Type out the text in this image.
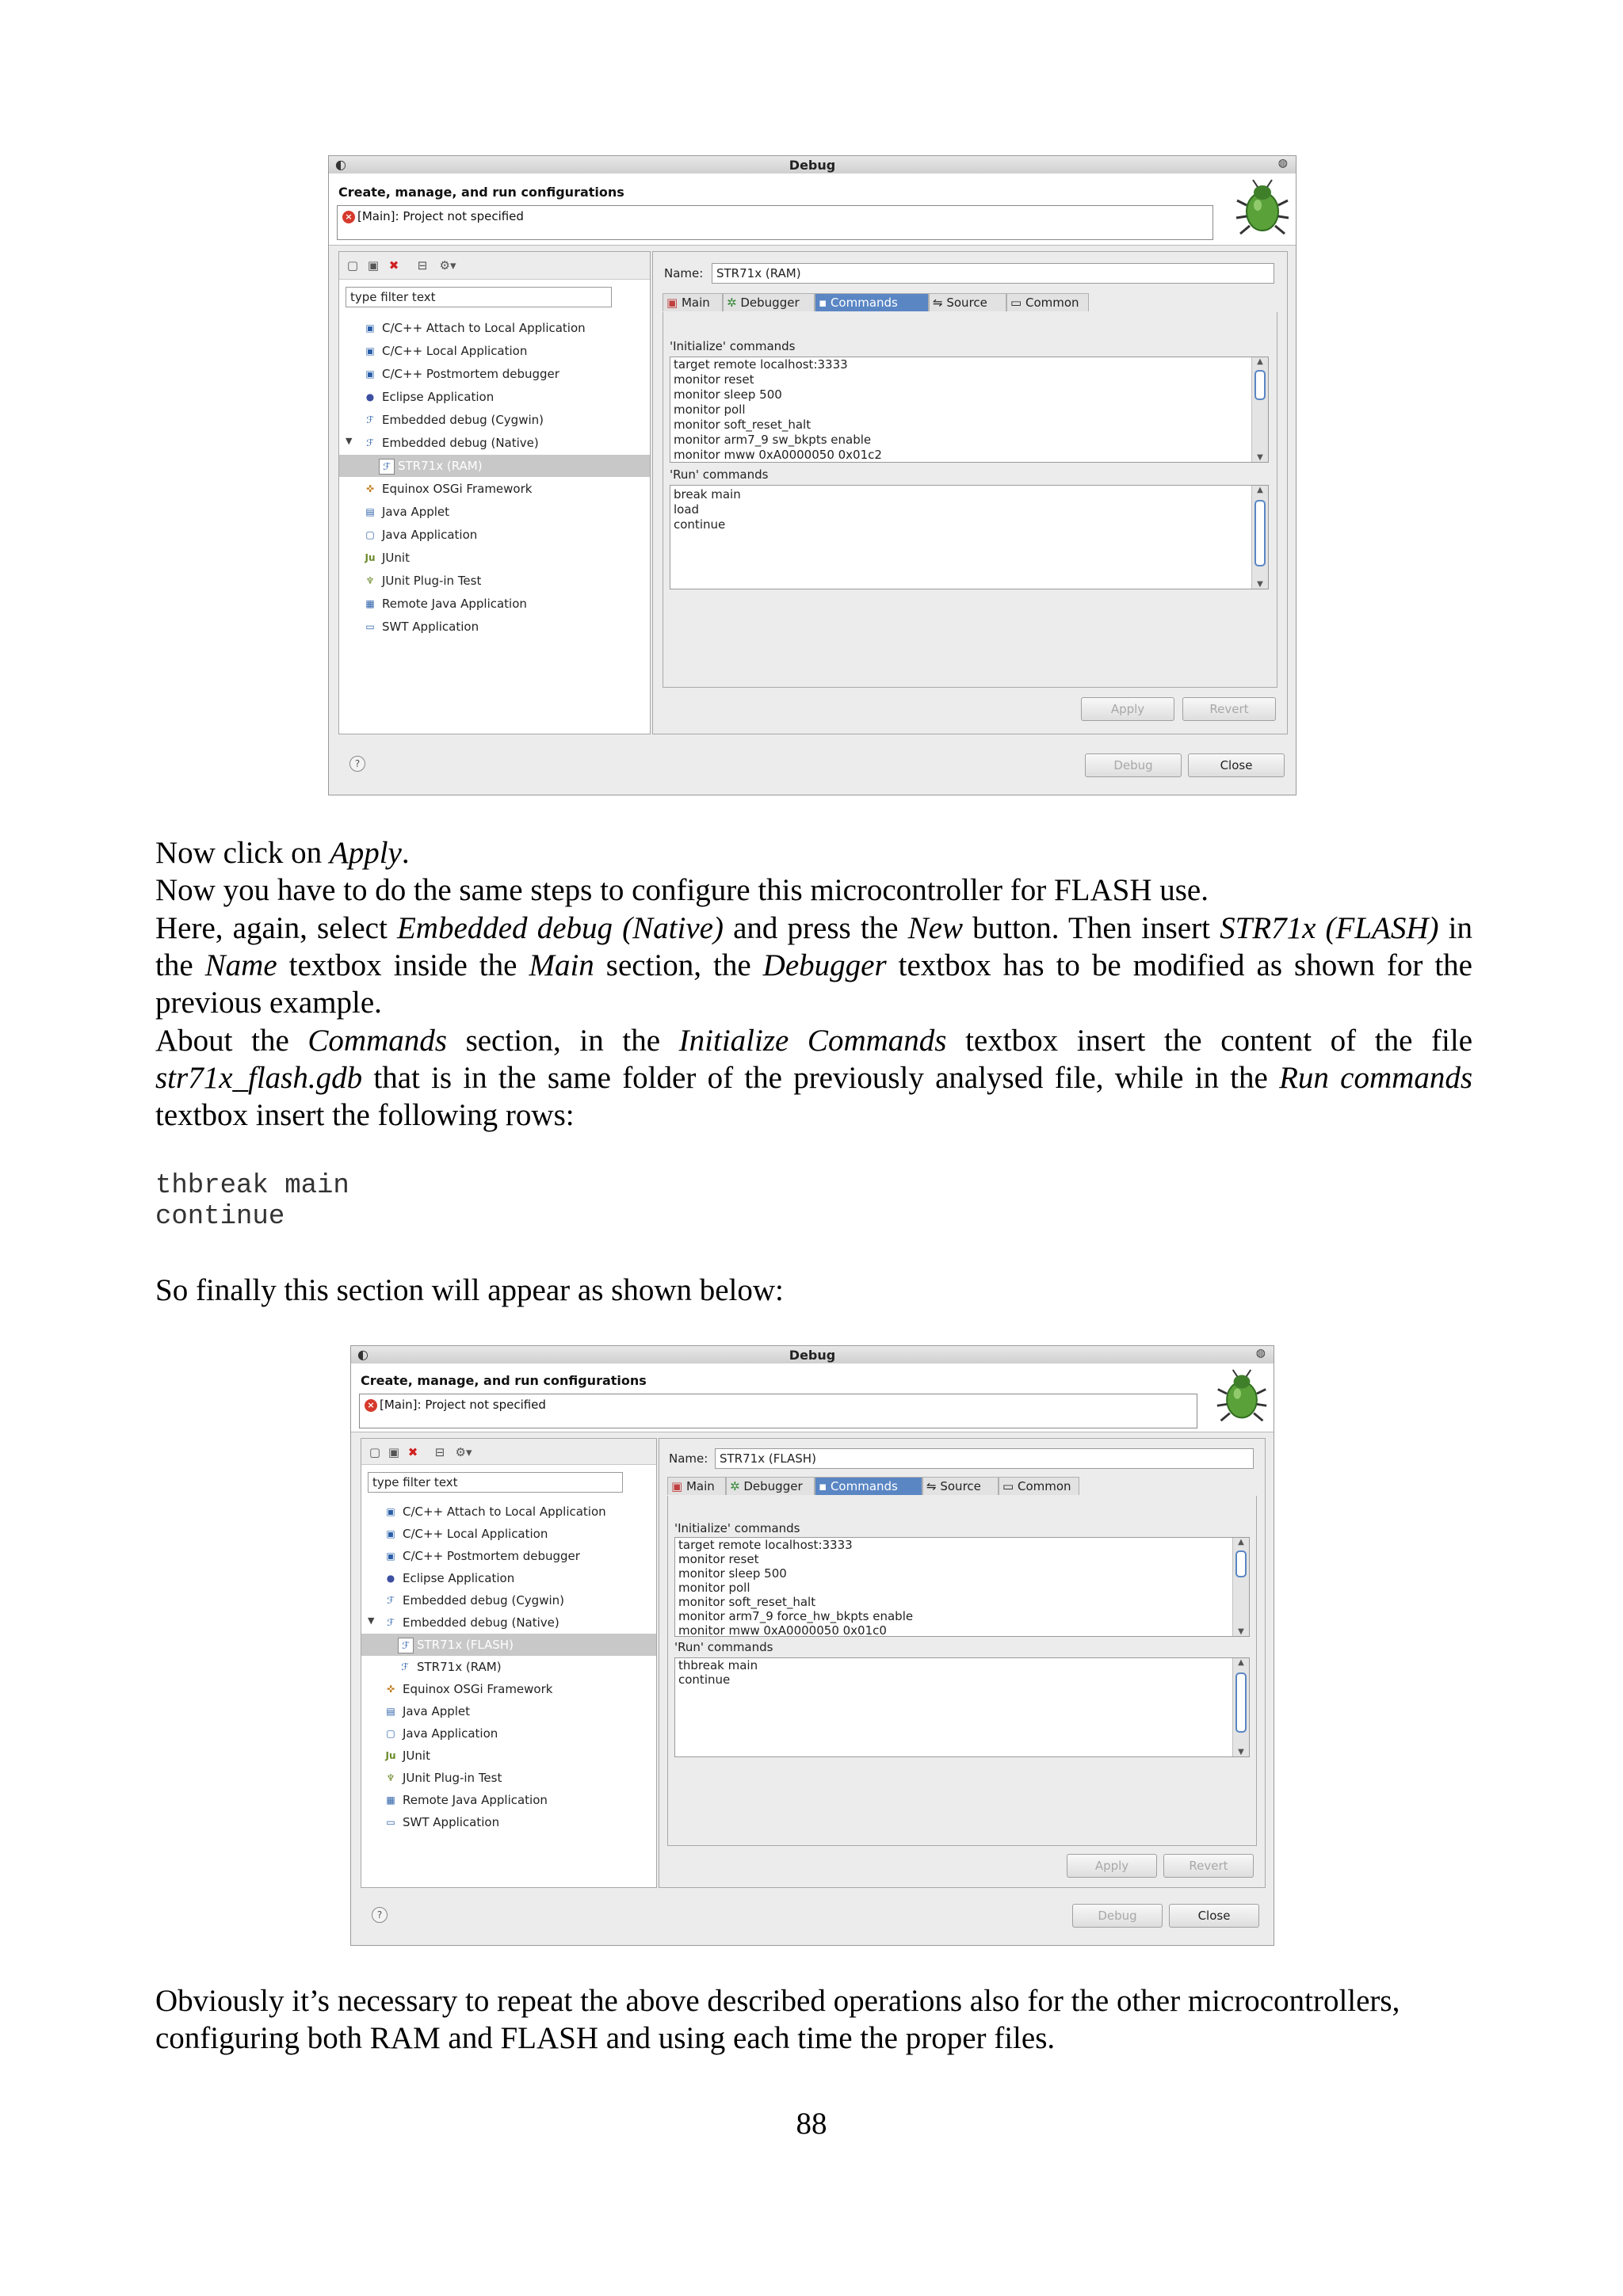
◐	Debug	◍
Create, manage, and run configurations
× [Main]: Project not specified
▢ ▣ ✖ ⊟	⚙▾
type filter text
▣ C/C++ Attach to Local Application
▣ C/C++ Local Application
▣ C/C++ Postmortem debugger
● Eclipse Application
ℱ Embedded debug (Cygwin)
▼	ℱ Embedded debug (Native)
ℱ STR71x (RAM)
✜ Equinox OSGi Framework
▤ Java Applet
▢ Java Application
Ju JUnit
♆ JUnit Plug-in Test
▦ Remote Java Application
▭ SWT Application
Name:	STR71x (RAM)
▣ Main	✲ Debugger	▪ Commands	⇋ Source	▭ Common
'Initialize' commands
target remote localhost:3333
monitor reset
monitor sleep 500
monitor poll
monitor soft_reset_halt
monitor arm7_9 sw_bkpts enable
monitor mww 0xA0000050 0x01c2
▲
▼
'Run' commands
break main
load
continue
▲
▼
Apply	Revert
?	Debug	Close
Now click on Apply.
Now you have to do the same steps to configure this microcontroller for FLASH use.
Here, again, select Embedded debug (Native) and press the New button. Then insert STR71x (FLASH) in the Name textbox inside the Main section, the Debugger textbox has to be modified as shown for the previous example.
About the Commands section, in the Initialize Commands textbox insert the content of the file str71x_flash.gdb that is in the same folder of the previously analysed file, while in the Run commands textbox insert the following rows:
thbreak main
continue
So finally this section will appear as shown below:
◐	Debug	◍
Create, manage, and run configurations
× [Main]: Project not specified
▢ ▣ ✖ ⊟ ⚙▾
type filter text
▣ C/C++ Attach to Local Application
▣ C/C++ Local Application
▣ C/C++ Postmortem debugger
● Eclipse Application
ℱ Embedded debug (Cygwin)
▼	ℱ Embedded debug (Native)
ℱ STR71x (FLASH)
ℱ STR71x (RAM)
✜ Equinox OSGi Framework
▤ Java Applet
▢ Java Application
Ju JUnit
♆ JUnit Plug-in Test
▦ Remote Java Application
▭ SWT Application
Name: STR71x (FLASH)
▣ Main	✲ Debugger	▪ Commands	⇋ Source	▭ Common
'Initialize' commands
target remote localhost:3333
monitor reset
monitor sleep 500
monitor poll
monitor soft_reset_halt
monitor arm7_9 force_hw_bkpts enable
monitor mww 0xA0000050 0x01c0
▲
▼
'Run' commands
thbreak main
continue
▲
▼
Apply	Revert
?	Debug	Close
Obviously it’s necessary to repeat the above described operations also for the other microcontrollers, configuring both RAM and FLASH and using each time the proper files.
88
